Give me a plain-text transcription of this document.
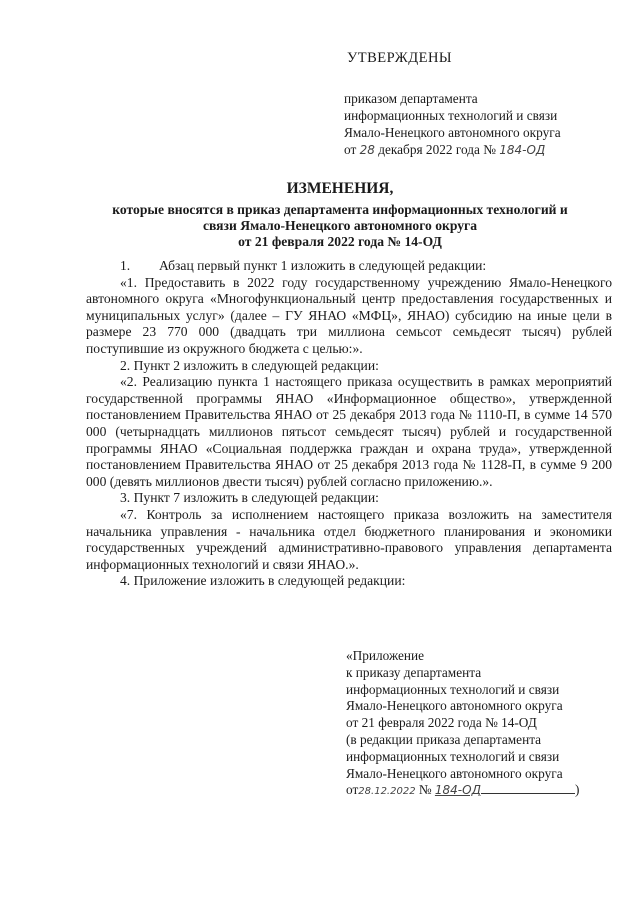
УТВЕРЖДЕНЫ
приказом департамента
информационных технологий и связи
Ямало-Ненецкого автономного округа
от 28 декабря 2022 года № 184-ОД
ИЗМЕНЕНИЯ,
которые вносятся в приказ департамента информационных технологий и
связи Ямало-Ненецкого автономного округа
от 21 февраля 2022 года № 14-ОД

1. Абзац первый пункт 1 изложить в следующей редакции:

«1. Предоставить в 2022 году государственному учреждению Ямало-Ненецкого автономного округа «Многофункциональный центр предоставления государственных и муниципальных услуг» (далее – ГУ ЯНАО «МФЦ», ЯНАО) субсидию на иные цели в размере 23 770 000 (двадцать три миллиона семьсот семьдесят тысяч) рублей поступившие из окружного бюджета с целью:».

2. Пункт 2 изложить в следующей редакции:

«2. Реализацию пункта 1 настоящего приказа осуществить в рамках мероприятий государственной программы ЯНАО «Информационное общество», утвержденной постановлением Правительства ЯНАО от 25 декабря 2013 года № 1110-П, в сумме 14 570 000 (четырнадцать миллионов пятьсот семьдесят тысяч) рублей и государственной программы ЯНАО «Социальная поддержка граждан и охрана труда», утвержденной постановлением Правительства ЯНАО от 25 декабря 2013 года № 1128-П, в сумме 9 200 000 (девять миллионов двести тысяч) рублей согласно приложению.».

3. Пункт 7 изложить в следующей редакции:

«7. Контроль за исполнением настоящего приказа возложить на заместителя начальника управления - начальника отдел бюджетного планирования и экономики государственных учреждений административно-правового управления департамента информационных технологий и связи ЯНАО.».

4. Приложение изложить в следующей редакции:

«Приложение
к приказу департамента
информационных технологий и связи
Ямало-Ненецкого автономного округа
от 21 февраля 2022 года № 14-ОД
(в редакции приказа департамента
информационных технологий и связи
Ямало-Ненецкого автономного округа
от28.12.2022 № 184-ОД	)
